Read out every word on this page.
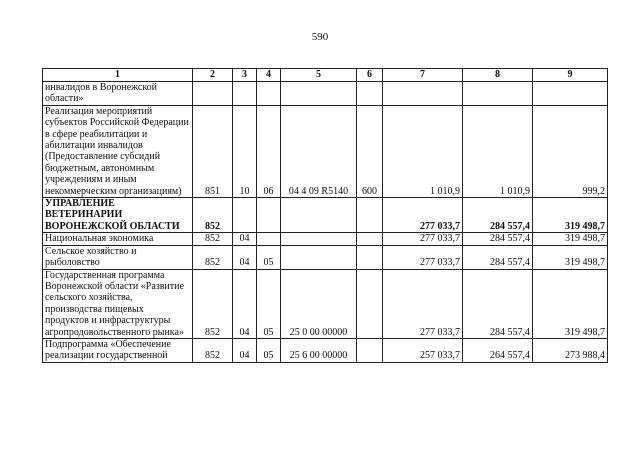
590
1	2	3	4	5	6	7	8	9
инвалидов в Воронежской области»								
Реализация мероприятий субъектов Российской Федерации в сфере реабилитации и абилитации инвалидов (Предоставление субсидий бюджетным, автономным учреждениям и иным некоммерческим организациям)	851	10	06	04 4 09 R5140	600	1 010,9	1 010,9	999,2
УПРАВЛЕНИЕ ВЕТЕРИНАРИИ ВОРОНЕЖСКОЙ ОБЛАСТИ	852					277 033,7	284 557,4	319 498,7
Национальная экономика	852	04				277 033,7	284 557,4	319 498,7
Сельское хозяйство и рыболовство	852	04	05			277 033,7	284 557,4	319 498,7
Государственная программа Воронежской области «Развитие сельского хозяйства, производства пищевых продуктов и инфраструктуры агропродовольственного рынка»	852	04	05	25 0 00 00000		277 033,7	284 557,4	319 498,7
Подпрограмма «Обеспечение реализации государственной	852	04	05	25 6 00 00000		257 033,7	264 557,4	273 988,4
